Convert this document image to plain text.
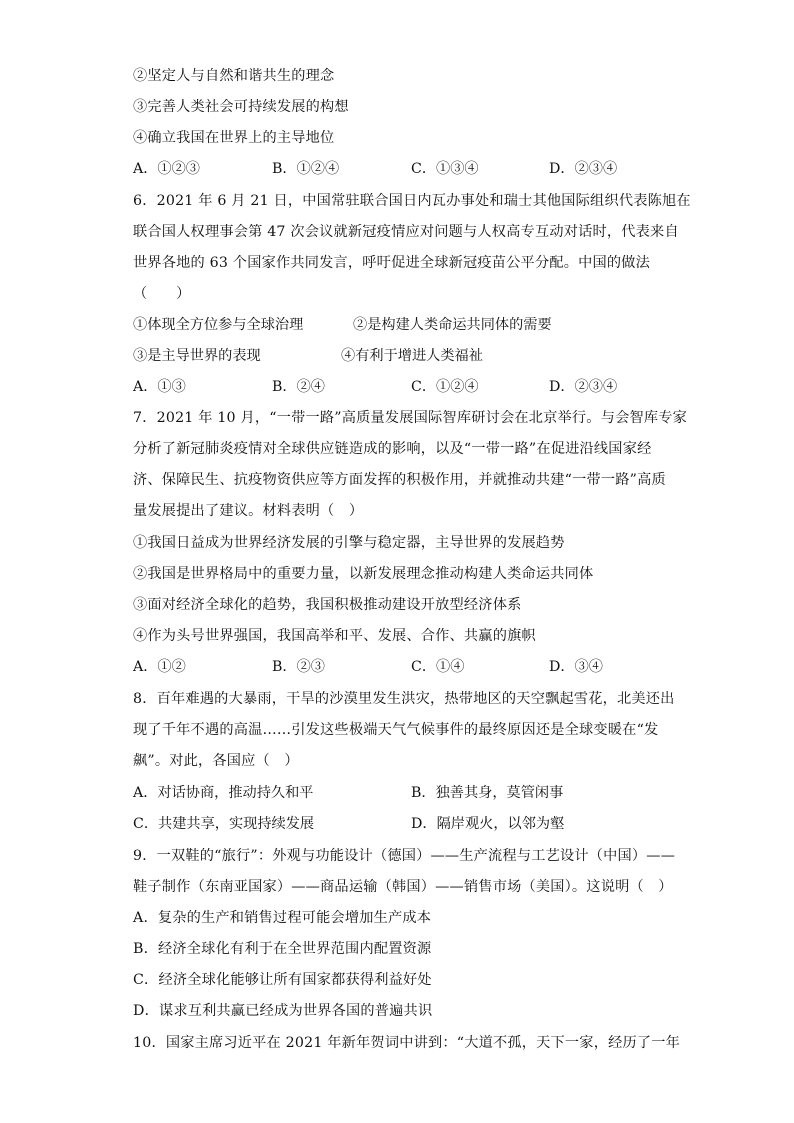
②坚定人与自然和谐共生的理念
③完善人类社会可持续发展的构想
④确立我国在世界上的主导地位
A．①②③	B．①②④	C．①③④	D．②③④
6．2021 年 6 月 21 日，中国常驻联合国日内瓦办事处和瑞士其他国际组织代表陈旭在
联合国人权理事会第 47 次会议就新冠疫情应对问题与人权高专互动对话时，代表来自
世界各地的 63 个国家作共同发言，呼吁促进全球新冠疫苗公平分配。中国的做法
（　　）
①体现全方位参与全球治理	②是构建人类命运共同体的需要
③是主导世界的表现	④有利于增进人类福祉
A．①③	B．②④	C．①②④	D．②③④
7．2021 年 10 月，“一带一路”高质量发展国际智库研讨会在北京举行。与会智库专家
分析了新冠肺炎疫情对全球供应链造成的影响，以及“一带一路”在促进沿线国家经
济、保障民生、抗疫物资供应等方面发挥的积极作用，并就推动共建“一带一路”高质
量发展提出了建议。材料表明（　）
①我国日益成为世界经济发展的引擎与稳定器，主导世界的发展趋势
②我国是世界格局中的重要力量，以新发展理念推动构建人类命运共同体
③面对经济全球化的趋势，我国积极推动建设开放型经济体系
④作为头号世界强国，我国高举和平、发展、合作、共赢的旗帜
A．①②	B．②③	C．①④	D．③④
8．百年难遇的大暴雨，干旱的沙漠里发生洪灾，热带地区的天空飘起雪花，北美还出
现了千年不遇的高温……引发这些极端天气气候事件的最终原因还是全球变暖在“发
飙”。对此，各国应（　）
A．对话协商，推动持久和平	B．独善其身，莫管闲事
C．共建共享，实现持续发展	D．隔岸观火，以邻为壑
9．一双鞋的“旅行”：外观与功能设计（德国）——生产流程与工艺设计（中国）——
鞋子制作（东南亚国家）——商品运输（韩国）——销售市场（美国）。这说明（　）
A．复杂的生产和销售过程可能会增加生产成本
B．经济全球化有利于在全世界范围内配置资源
C．经济全球化能够让所有国家都获得利益好处
D．谋求互利共赢已经成为世界各国的普遍共识
10．国家主席习近平在 2021 年新年贺词中讲到：“大道不孤，天下一家，经历了一年
